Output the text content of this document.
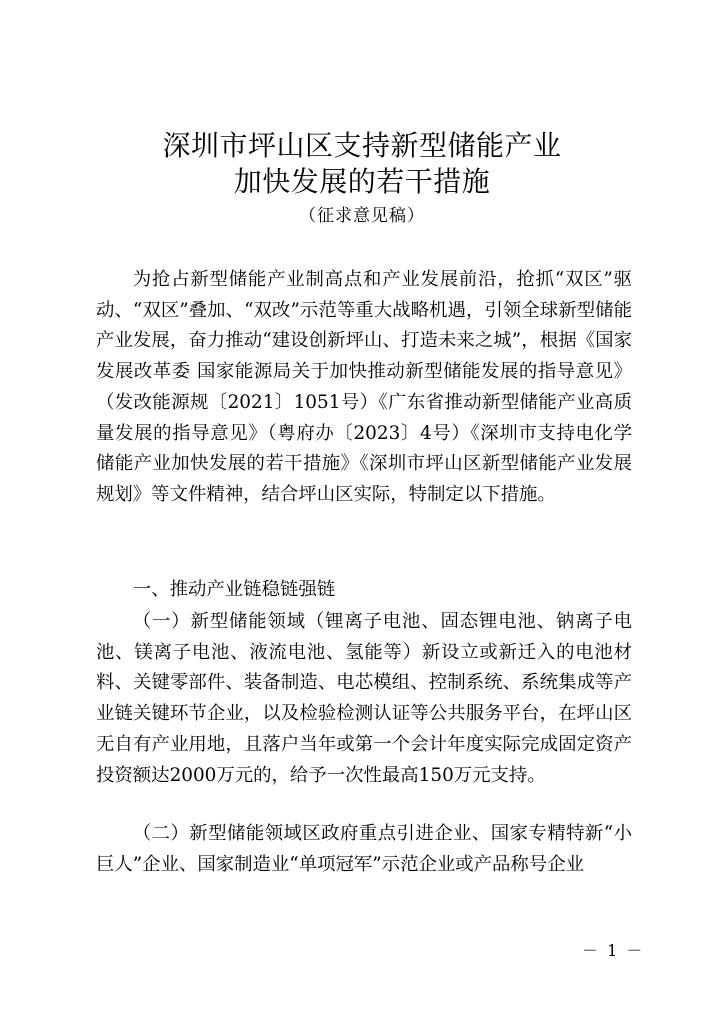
深圳市坪山区支持新型储能产业
加快发展的若干措施
（征求意见稿）

为抢占新型储能产业制高点和产业发展前沿，抢抓“双区”驱动、“双区”叠加、“双改”示范等重大战略机遇，引领全球新型储能产业发展，奋力推动“建设创新坪山、打造未来之城”，根据《国家发展改革委 国家能源局关于加快推动新型储能发展的指导意见》（发改能源规〔2021〕1051号）《广东省推动新型储能产业高质量发展的指导意见》（粤府办〔2023〕4号）《深圳市支持电化学储能产业加快发展的若干措施》《深圳市坪山区新型储能产业发展规划》等文件精神，结合坪山区实际，特制定以下措施。

一、推动产业链稳链强链

（一）新型储能领域（锂离子电池、固态锂电池、钠离子电池、镁离子电池、液流电池、氢能等）新设立或新迁入的电池材料、关键零部件、装备制造、电芯模组、控制系统、系统集成等产业链关键环节企业，以及检验检测认证等公共服务平台，在坪山区无自有产业用地，且落户当年或第一个会计年度实际完成固定资产投资额达2000万元的，给予一次性最高150万元支持。

（二）新型储能领域区政府重点引进企业、国家专精特新“小巨人”企业、国家制造业“单项冠军”示范企业或产品称号企业

－ 1 －
